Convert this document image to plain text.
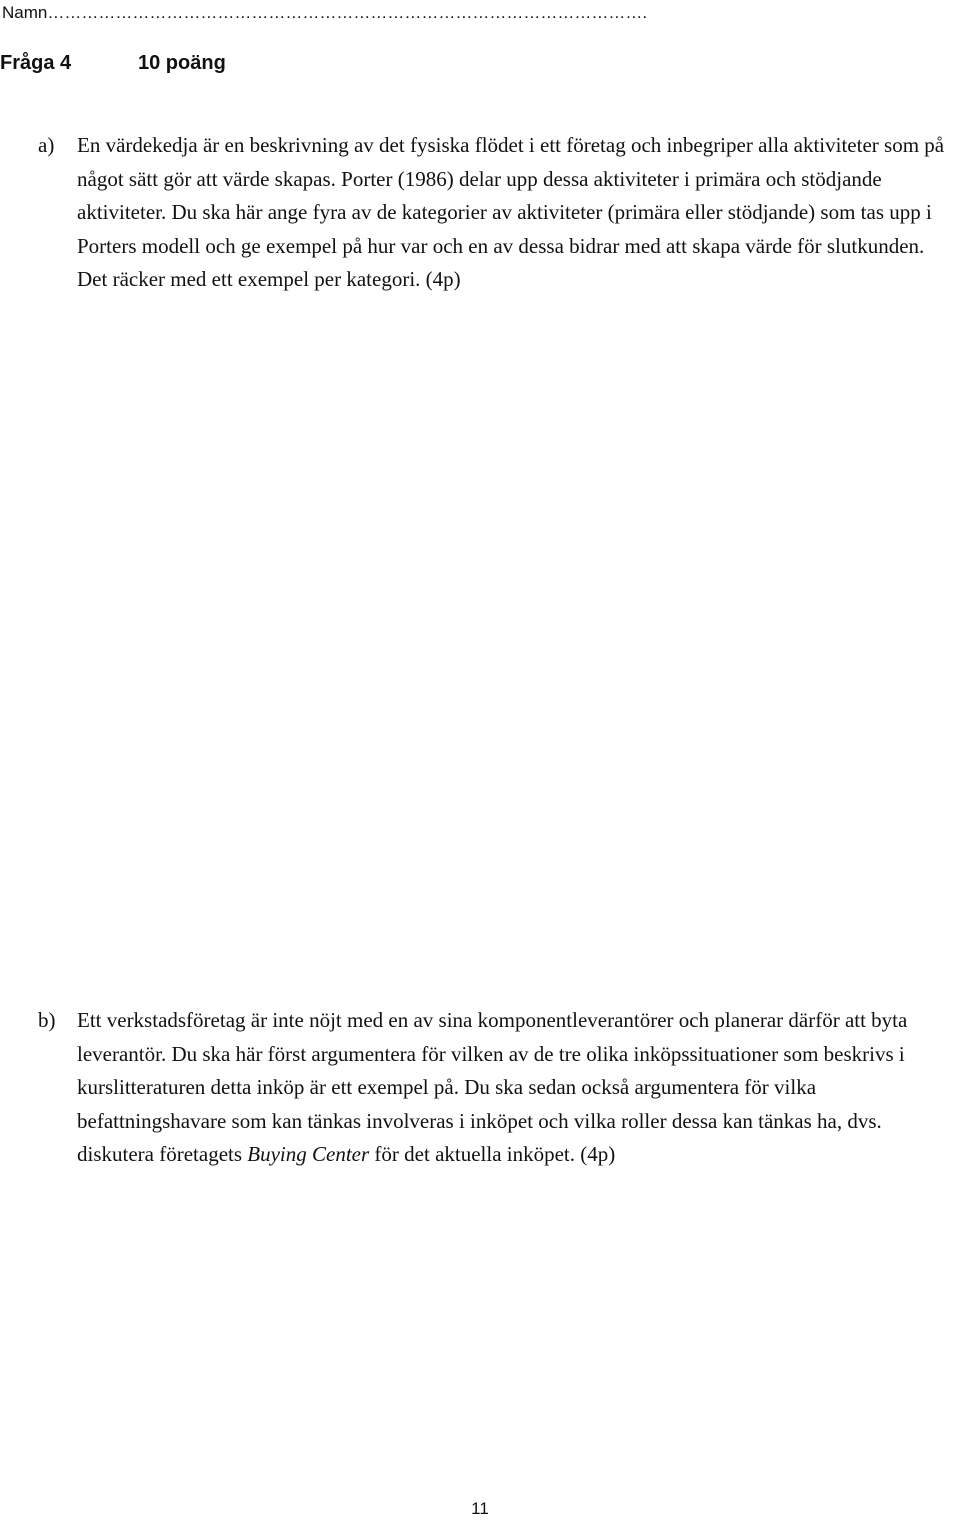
Namn…………………………………………………………………………………………….
Fråga 4	10 poäng
a) En värdekedja är en beskrivning av det fysiska flödet i ett företag och inbegriper alla aktiviteter som på något sätt gör att värde skapas. Porter (1986) delar upp dessa aktiviteter i primära och stödjande aktiviteter. Du ska här ange fyra av de kategorier av aktiviteter (primära eller stödjande) som tas upp i Porters modell och ge exempel på hur var och en av dessa bidrar med att skapa värde för slutkunden. Det räcker med ett exempel per kategori. (4p)
b) Ett verkstadsföretag är inte nöjt med en av sina komponentleverantörer och planerar därför att byta leverantör. Du ska här först argumentera för vilken av de tre olika inköpssituationer som beskrivs i kurslitteraturen detta inköp är ett exempel på. Du ska sedan också argumentera för vilka befattningshavare som kan tänkas involveras i inköpet och vilka roller dessa kan tänkas ha, dvs. diskutera företagets Buying Center för det aktuella inköpet. (4p)
11
